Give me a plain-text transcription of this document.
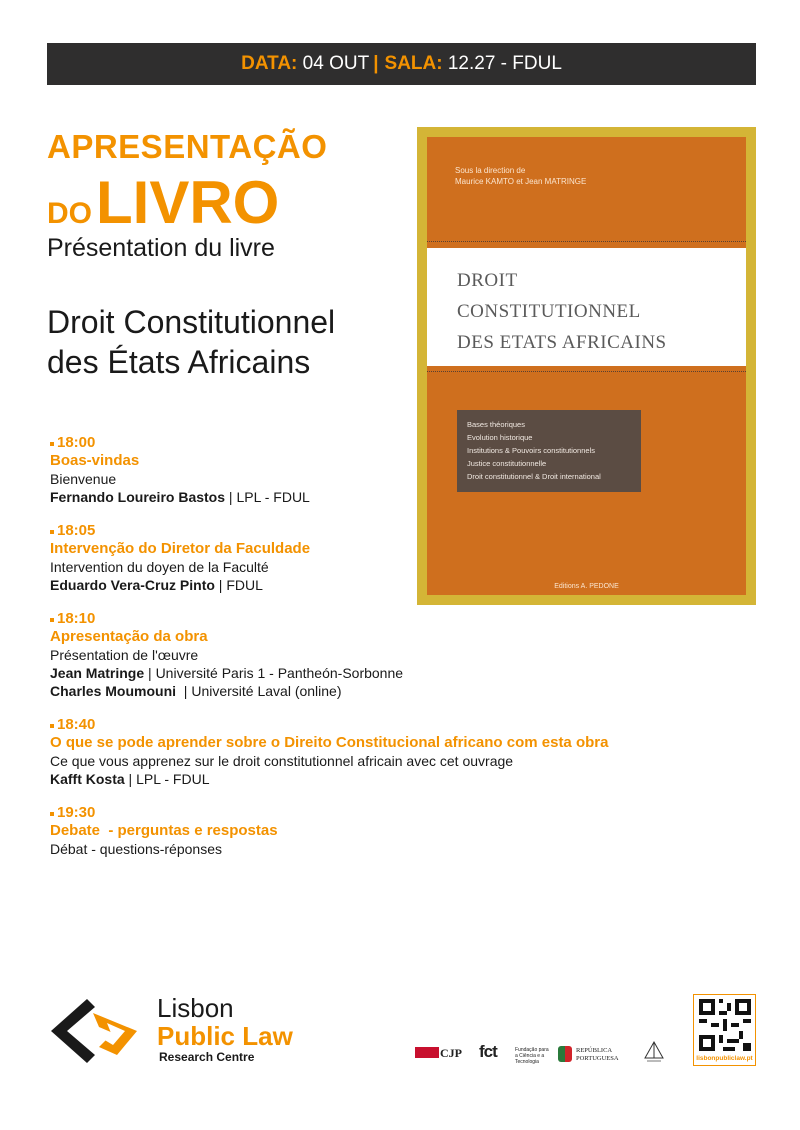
DATA:
04 OUT | SALA:
12.27 - FDUL
APRESENTAÇÃO
DOLIVRO
Présentation du livre
Droit Constitutionnel
des États Africains
Sous la direction de
Maurice KAMTO et Jean MATRINGE
DROIT
CONSTITUTIONNEL
DES ETATS AFRICAINS
Bases théoriques
Evolution historique
Institutions & Pouvoirs constitutionnels
Justice constitutionnelle
Droit constitutionnel & Droit international
Editions A. PEDONE
18:00
Boas-vindas
Bienvenue
Fernando Loureiro Bastos | LPL - FDUL
18:05
Intervenção do Diretor da Faculdade
Intervention du doyen de la Faculté
Eduardo Vera-Cruz Pinto | FDUL
18:10
Apresentação da obra
Présentation de l'œuvre
Jean Matringe | Université Paris 1 - Pantheón-Sorbonne
Charles Moumouni  | Université Laval (online)
18:40
O que se pode aprender sobre o Direito Constitucional africano com esta obra
Ce que vous apprenez sur le droit constitutionnel africain avec cet ouvrage
Kafft Kosta | LPL - FDUL
19:30
Debate  - perguntas e respostas
Débat - questions-réponses
Lisbon
Public Law
Research Centre	CJP fct	Fundação para a Ciência e a Tecnologia
REPÚBLICA
PORTUGUESA	lisbonpubliclaw.pt
